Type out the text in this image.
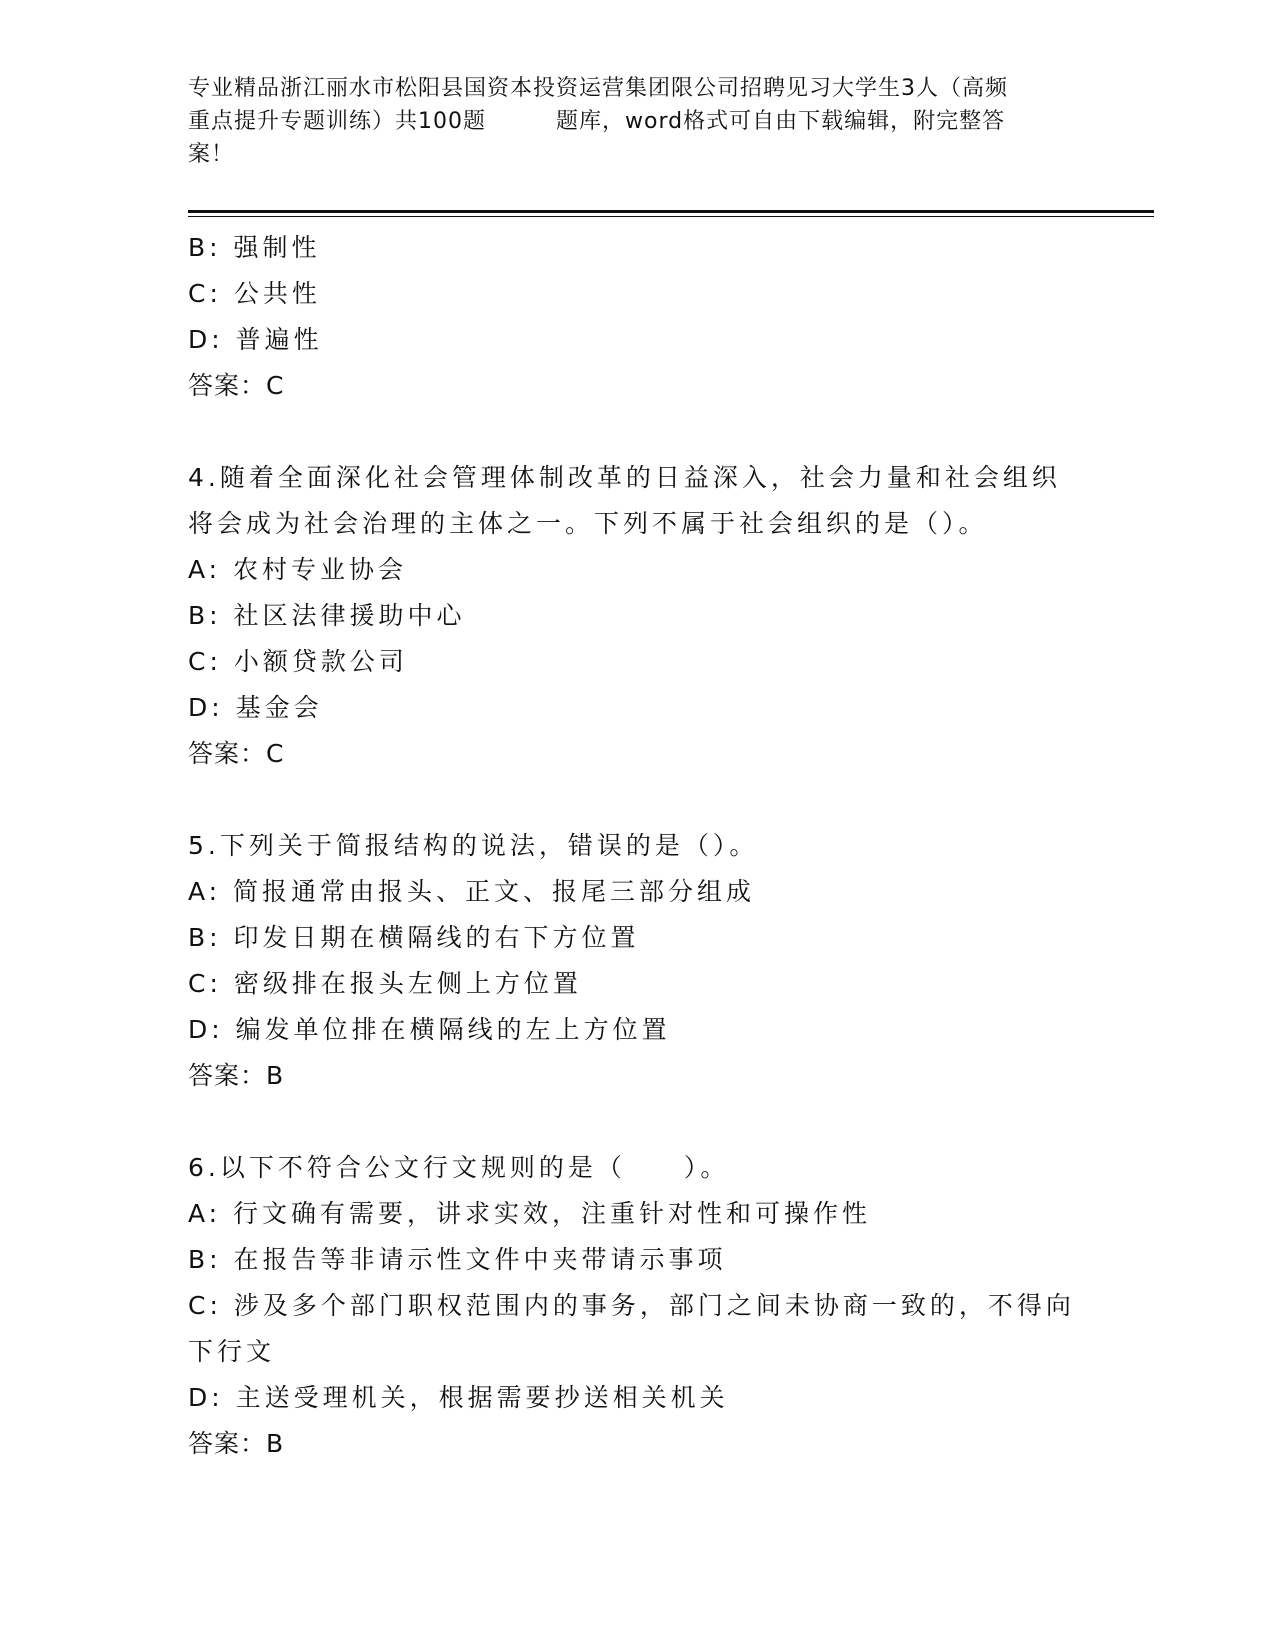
专业精品浙江丽水市松阳县国资本投资运营集团限公司招聘见习大学生3人（高频
重点提升专题训练）共100题	题库，word格式可自由下载编辑，附完整答
案！
B: 强制性
C: 公共性
D: 普遍性
答案：C
4.随着全面深化社会管理体制改革的日益深入，社会力量和社会组织
将会成为社会治理的主体之一。下列不属于社会组织的是（）。
A: 农村专业协会
B: 社区法律援助中心
C: 小额贷款公司
D: 基金会
答案：C
5.下列关于简报结构的说法，错误的是（）。
A: 简报通常由报头、正文、报尾三部分组成
B: 印发日期在横隔线的右下方位置
C: 密级排在报头左侧上方位置
D: 编发单位排在横隔线的左上方位置
答案：B
6.以下不符合公文行文规则的是（　　）。
A: 行文确有需要，讲求实效，注重针对性和可操作性
B: 在报告等非请示性文件中夹带请示事项
C: 涉及多个部门职权范围内的事务，部门之间未协商一致的，不得向
下行文
D: 主送受理机关，根据需要抄送相关机关
答案：B
